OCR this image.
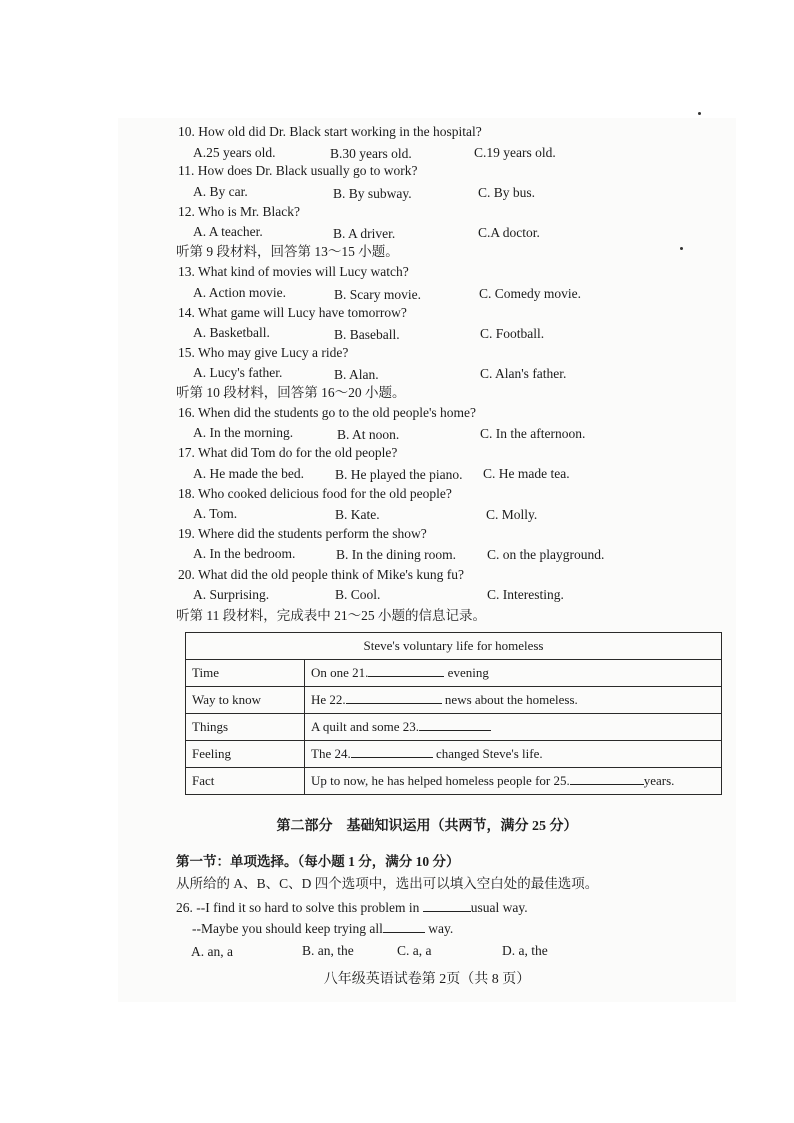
10. How old did Dr. Black start working in the hospital?
A.25 years old.	B.30 years old.	C.19 years old.
11. How does Dr. Black usually go to work?
A. By car.	B. By subway.	C. By bus.
12. Who is Mr. Black?
A. A teacher.	B. A driver.	C.A doctor.
听第 9 段材料，回答第 13～15 小题。
13. What kind of movies will Lucy watch?
A. Action movie.	B. Scary movie.	C. Comedy movie.
14. What game will Lucy have tomorrow?
A. Basketball.	B. Baseball.	C. Football.
15. Who may give Lucy a ride?
A. Lucy's father.	B. Alan.	C. Alan's father.
听第 10 段材料，回答第 16～20 小题。
16. When did the students go to the old people's home?
A. In the morning.	B. At noon.	C. In the afternoon.
17. What did Tom do for the old people?
A. He made the bed. B. He played the piano. C. He made tea.
18. Who cooked delicious food for the old people?
A. Tom.	B. Kate.	C. Molly.
19. Where did the students perform the show?
A. In the bedroom.	B. In the dining room. C. on the playground.
20. What did the old people think of Mike's kung fu?
A. Surprising.	B. Cool.	C. Interesting.
听第 11 段材料，完成表中 21～25 小题的信息记录。
Steve's voluntary life for homeless	
Time	On one 21. evening
Way to know	He 22. news about the homeless.
Things	A quilt and some 23.
Feeling	The 24. changed Steve's life.
Fact	Up to now, he has helped homeless people for 25. years.
第二部分　基础知识运用（共两节，满分 25 分）
第一节：单项选择。（每小题 1 分，满分 10 分）
从所给的 A、B、C、D 四个选项中，选出可以填入空白处的最佳选项。
26. --I find it so hard to solve this problem in	usual way.
--Maybe you should keep trying all	way.
A. an, a	B. an, the	C. a, a	D. a, the
八年级英语试卷第 2页（共 8 页）
